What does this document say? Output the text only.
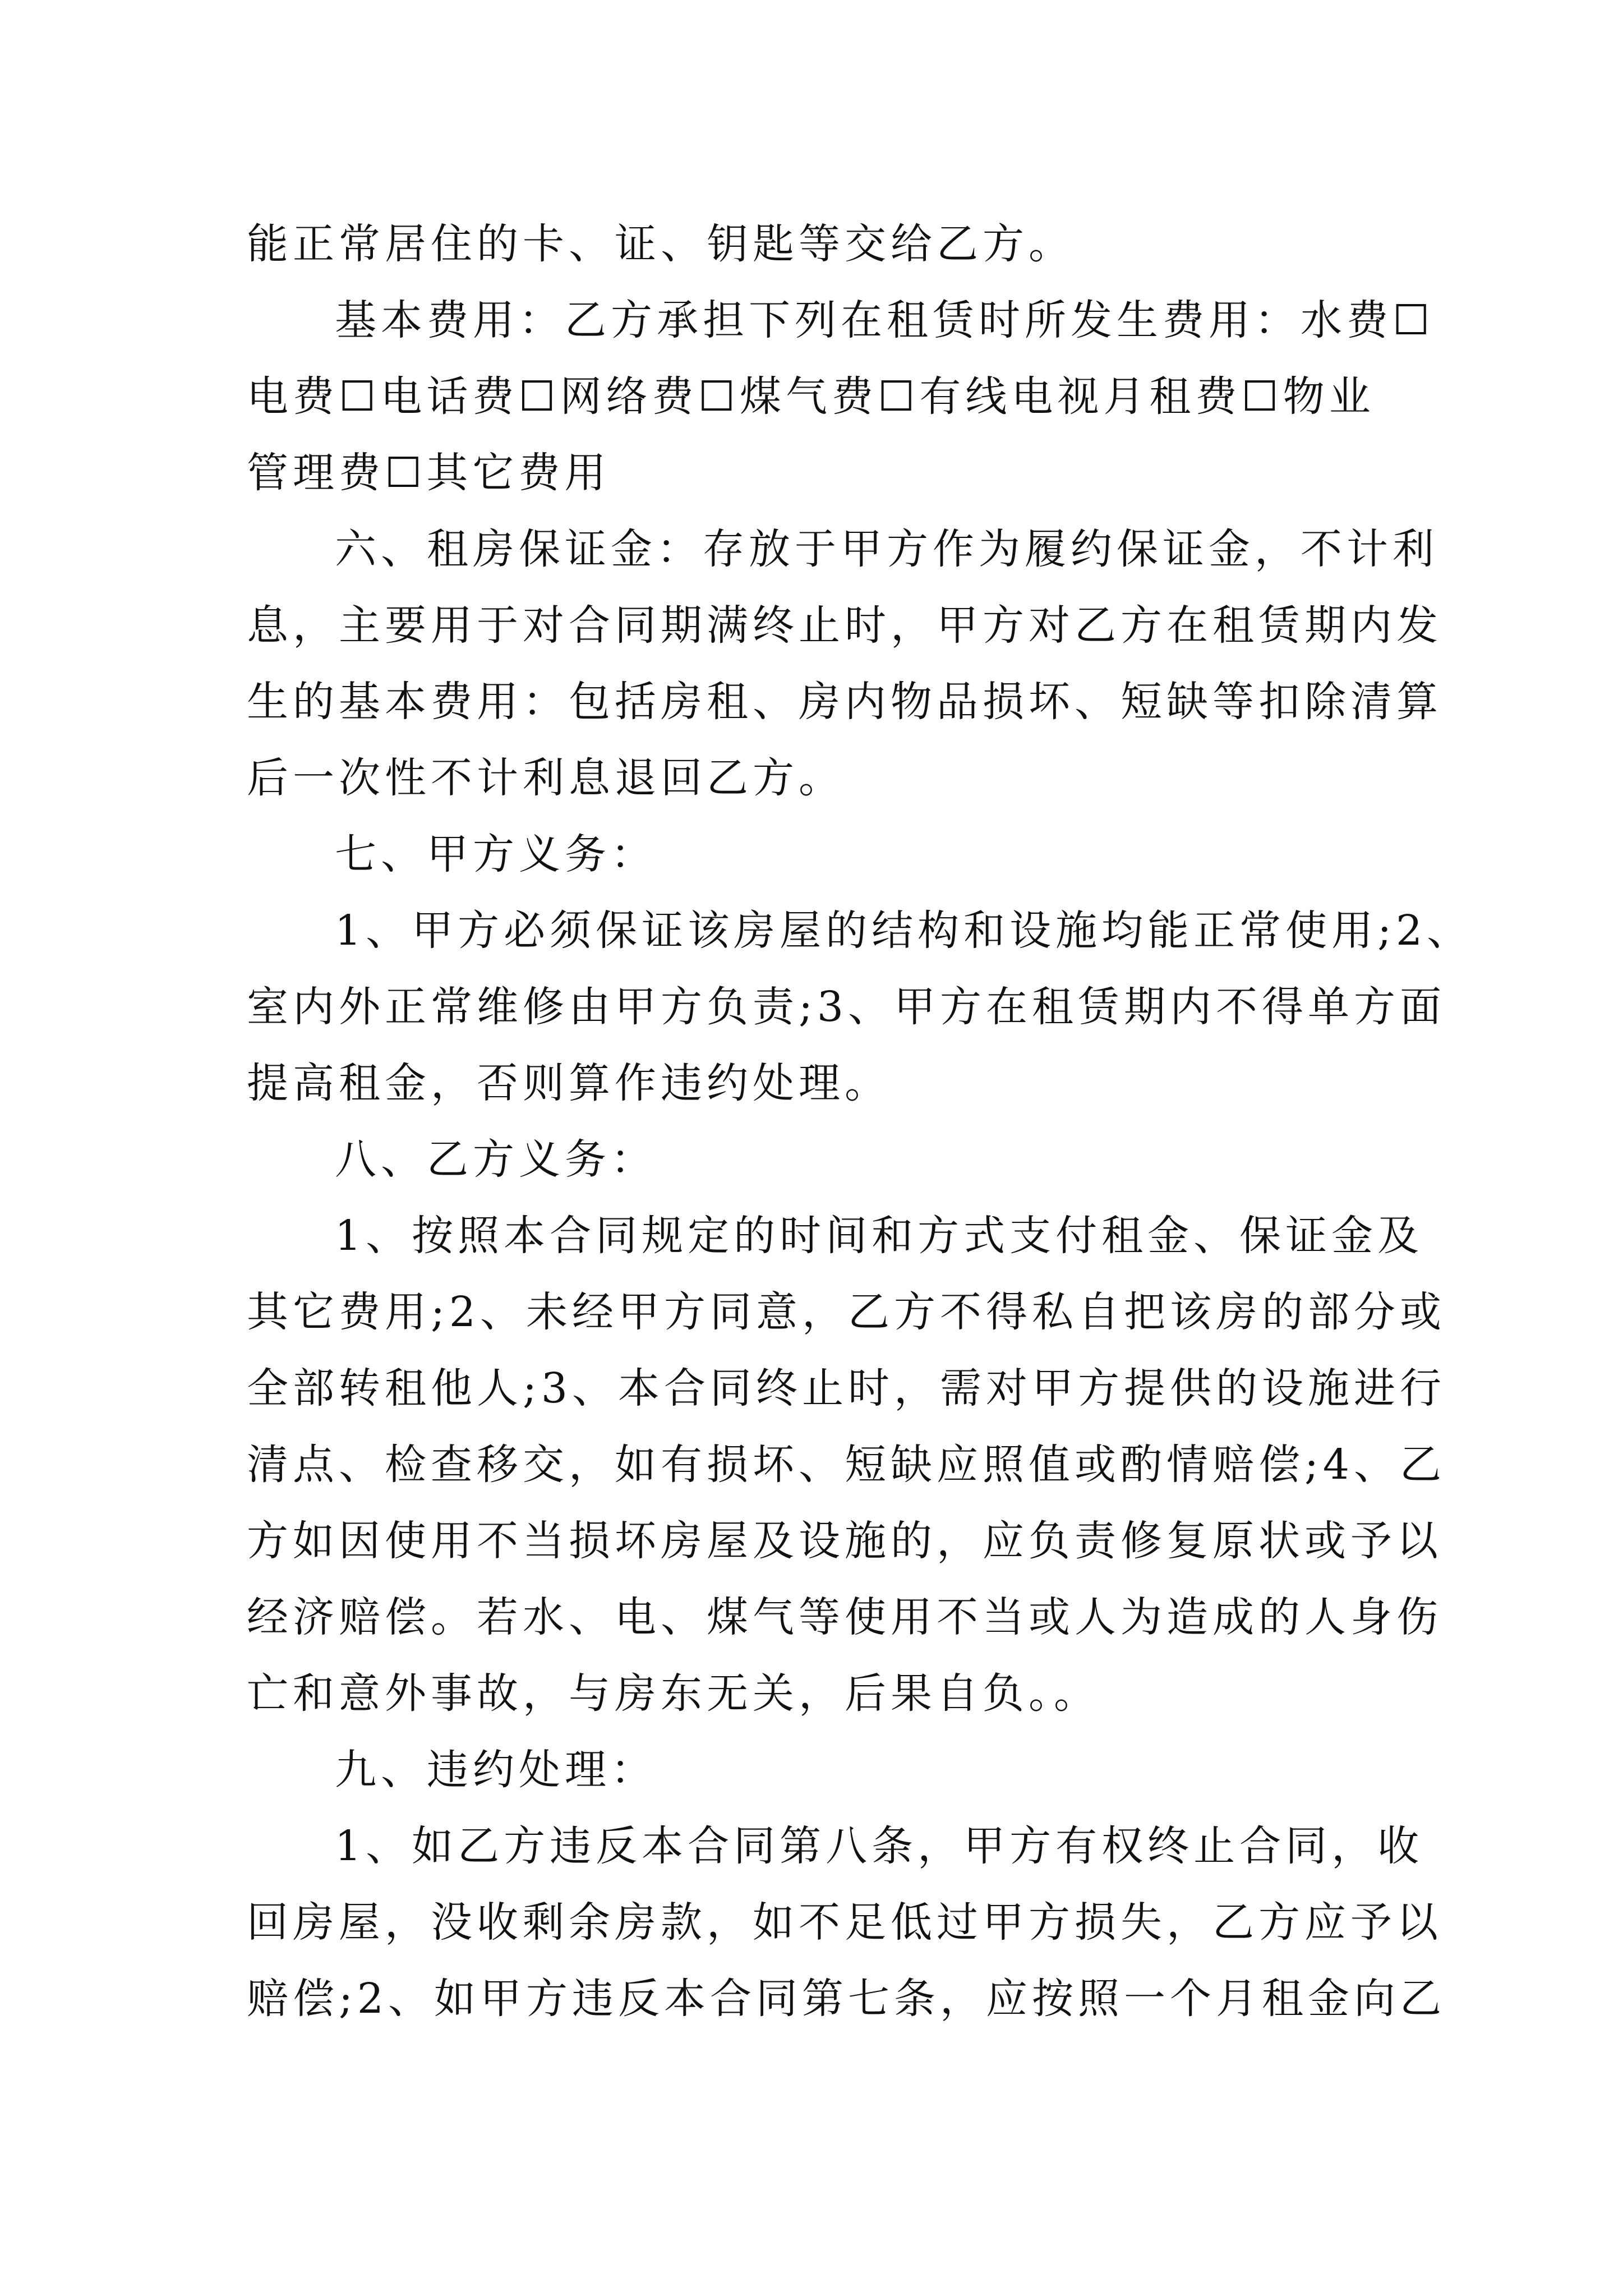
能正常居住的卡、证、钥匙等交给乙方。
基本费用：乙方承担下列在租赁时所发生费用：水费☐
电费☐电话费☐网络费☐煤气费☐有线电视月租费☐物业
管理费☐其它费用
六、租房保证金：存放于甲方作为履约保证金，不计利
息，主要用于对合同期满终止时，甲方对乙方在租赁期内发
生的基本费用：包括房租、房内物品损坏、短缺等扣除清算
后一次性不计利息退回乙方。
七、甲方义务：
1、甲方必须保证该房屋的结构和设施均能正常使用;2、
室内外正常维修由甲方负责;3、甲方在租赁期内不得单方面
提高租金，否则算作违约处理。
八、乙方义务：
1、按照本合同规定的时间和方式支付租金、保证金及
其它费用;2、未经甲方同意，乙方不得私自把该房的部分或
全部转租他人;3、本合同终止时，需对甲方提供的设施进行
清点、检查移交，如有损坏、短缺应照值或酌情赔偿;4、乙
方如因使用不当损坏房屋及设施的，应负责修复原状或予以
经济赔偿。若水、电、煤气等使用不当或人为造成的人身伤
亡和意外事故，与房东无关，后果自负。。
九、违约处理：
1、如乙方违反本合同第八条，甲方有权终止合同，收
回房屋，没收剩余房款，如不足低过甲方损失，乙方应予以
赔偿;2、如甲方违反本合同第七条，应按照一个月租金向乙
